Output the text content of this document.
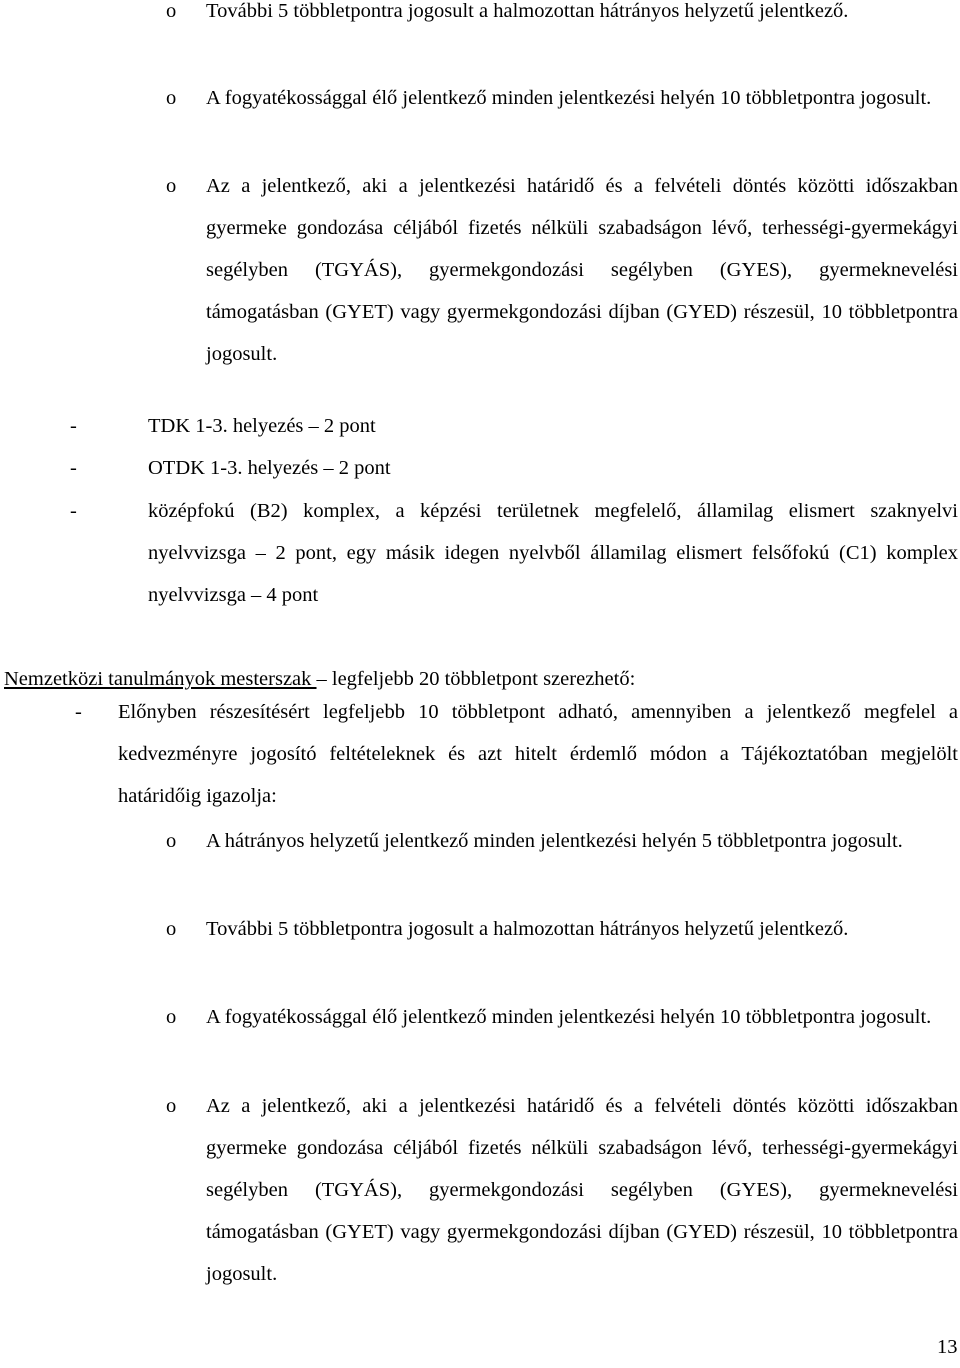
o További 5 többletpontra jogosult a halmozottan hátrányos helyzetű jelentkező.
o A fogyatékossággal élő jelentkező minden jelentkezési helyén 10 többletpontra jogosult.
o Az a jelentkező, aki a jelentkezési határidő és a felvételi döntés közötti időszakban gyermeke gondozása céljából fizetés nélküli szabadságon lévő, terhességi-gyermekágyi segélyben (TGYÁS), gyermekgondozási segélyben (GYES), gyermeknevelési támogatásban (GYET) vagy gyermekgondozási díjban (GYED) részesül, 10 többletpontra jogosult.
-	TDK 1-3. helyezés – 2 pont
-	OTDK 1-3. helyezés – 2 pont
-	középfokú (B2) komplex, a képzési területnek megfelelő, államilag elismert szaknyelvi nyelvvizsga – 2 pont, egy másik idegen nyelvből államilag elismert felsőfokú (C1) komplex nyelvvizsga – 4 pont
Nemzetközi tanulmányok mesterszak – legfeljebb 20 többletpont szerezhető:
- Előnyben részesítésért legfeljebb 10 többletpont adható, amennyiben a jelentkező megfelel a kedvezményre jogosító feltételeknek és azt hitelt érdemlő módon a Tájékoztatóban megjelölt határidőig igazolja:
o A hátrányos helyzetű jelentkező minden jelentkezési helyén 5 többletpontra jogosult.
o További 5 többletpontra jogosult a halmozottan hátrányos helyzetű jelentkező.
o A fogyatékossággal élő jelentkező minden jelentkezési helyén 10 többletpontra jogosult.
o Az a jelentkező, aki a jelentkezési határidő és a felvételi döntés közötti időszakban gyermeke gondozása céljából fizetés nélküli szabadságon lévő, terhességi-gyermekágyi segélyben (TGYÁS), gyermekgondozási segélyben (GYES), gyermeknevelési támogatásban (GYET) vagy gyermekgondozási díjban (GYED) részesül, 10 többletpontra jogosult.
13
